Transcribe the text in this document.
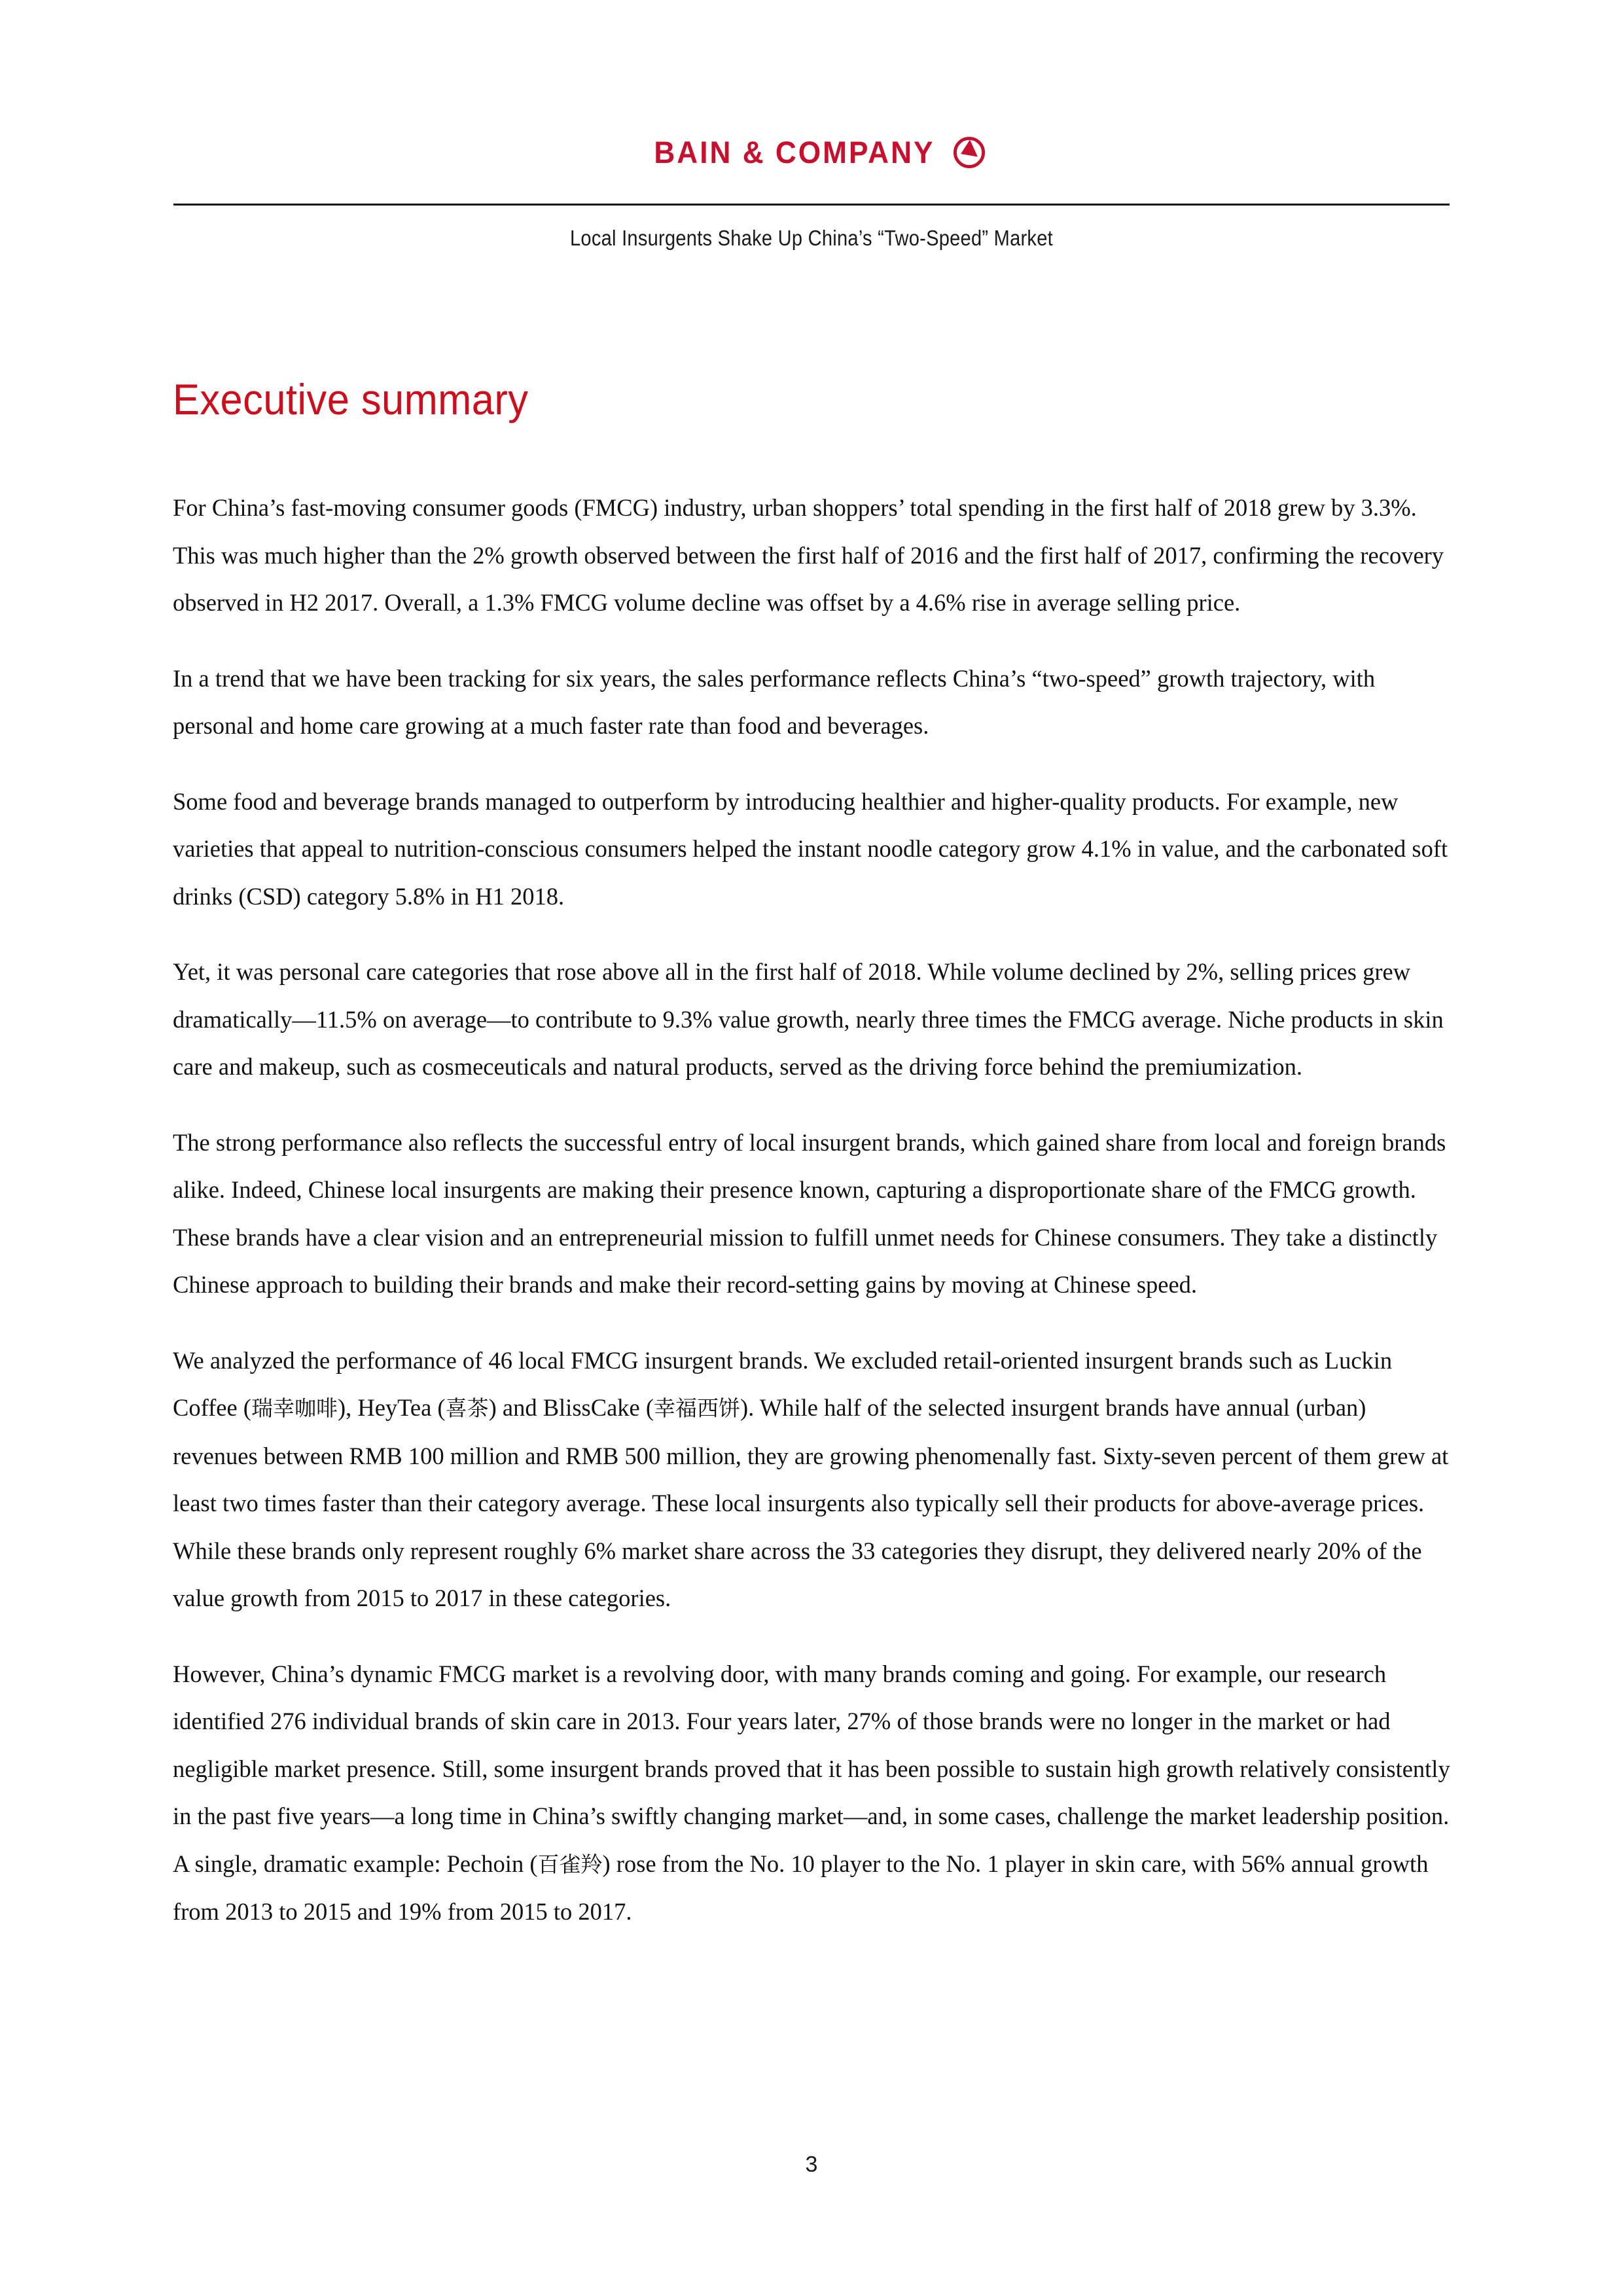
BAIN & COMPANY
Local Insurgents Shake Up China’s “Two-Speed” Market
Executive summary

For China’s fast-moving consumer goods (FMCG) industry, urban shoppers’ total spending in the first half of 2018 grew by 3.3%. This was much higher than the 2% growth observed between the first half of 2016 and the first half of 2017, confirming the recovery observed in H2 2017. Overall, a 1.3% FMCG volume decline was offset by a 4.6% rise in average selling price.

In a trend that we have been tracking for six years, the sales performance reflects China’s “two-speed” growth trajectory, with personal and home care growing at a much faster rate than food and beverages.

Some food and beverage brands managed to outperform by introducing healthier and higher-quality products. For example, new varieties that appeal to nutrition-conscious consumers helped the instant noodle category grow 4.1% in value, and the carbonated soft drinks (CSD) category 5.8% in H1 2018.

Yet, it was personal care categories that rose above all in the first half of 2018. While volume declined by 2%, selling prices grew dramatically—11.5% on average—to contribute to 9.3% value growth, nearly three times the FMCG average. Niche products in skin care and makeup, such as cosmeceuticals and natural products, served as the driving force behind the premiumization.

The strong performance also reflects the successful entry of local insurgent brands, which gained share from local and foreign brands alike. Indeed, Chinese local insurgents are making their presence known, capturing a disproportionate share of the FMCG growth. These brands have a clear vision and an entrepreneurial mission to fulfill unmet needs for Chinese consumers. They take a distinctly Chinese approach to building their brands and make their record-setting gains by moving at Chinese speed.

We analyzed the performance of 46 local FMCG insurgent brands. We excluded retail-oriented insurgent brands such as Luckin Coffee (瑞幸咖啡), HeyTea (喜茶) and BlissCake (幸福西饼). While half of the selected insurgent brands have annual (urban) revenues between RMB 100 million and RMB 500 million, they are growing phenomenally fast. Sixty-seven percent of them grew at least two times faster than their category average. These local insurgents also typically sell their products for above-average prices. While these brands only represent roughly 6% market share across the 33 categories they disrupt, they delivered nearly 20% of the value growth from 2015 to 2017 in these categories.

However, China’s dynamic FMCG market is a revolving door, with many brands coming and going. For example, our research identified 276 individual brands of skin care in 2013. Four years later, 27% of those brands were no longer in the market or had negligible market presence. Still, some insurgent brands proved that it has been possible to sustain high growth relatively consistently in the past five years—a long time in China’s swiftly changing market—and, in some cases, challenge the market leadership position. A single, dramatic example: Pechoin (百雀羚) rose from the No. 10 player to the No. 1 player in skin care, with 56% annual growth from 2013 to 2015 and 19% from 2015 to 2017.

3
